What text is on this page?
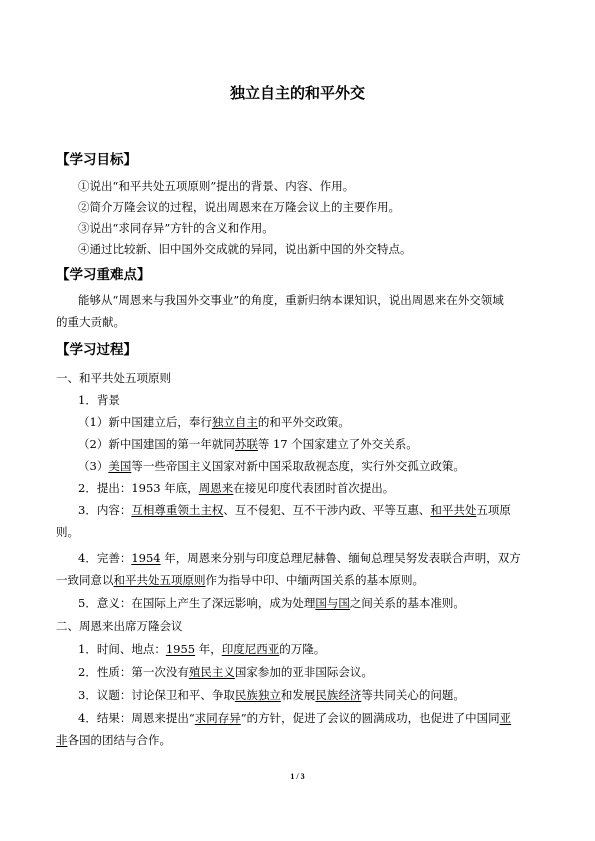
独立自主的和平外交
【学习目标】
①说出“和平共处五项原则”提出的背景、内容、作用。
②简介万隆会议的过程，说出周恩来在万隆会议上的主要作用。
③说出“求同存异”方针的含义和作用。
④通过比较新、旧中国外交成就的异同，说出新中国的外交特点。
【学习重难点】
能够从“周恩来与我国外交事业”的角度，重新归纳本课知识，说出周恩来在外交领域
的重大贡献。
【学习过程】
一、和平共处五项原则
1．背景
（1）新中国建立后，奉行独立自主的和平外交政策。
（2）新中国建国的第一年就同苏联等 17 个国家建立了外交关系。
（3）美国等一些帝国主义国家对新中国采取敌视态度，实行外交孤立政策。
2．提出：1953 年底，周恩来在接见印度代表团时首次提出。
3．内容：互相尊重领土主权、互不侵犯、互不干涉内政、平等互惠、和平共处五项原
则。
4．完善：1954 年，周恩来分别与印度总理尼赫鲁、缅甸总理吴努发表联合声明，双方
一致同意以和平共处五项原则作为指导中印、中缅两国关系的基本原则。
5．意义：在国际上产生了深远影响，成为处理国与国之间关系的基本准则。
二、周恩来出席万隆会议
1．时间、地点：1955 年，印度尼西亚的万隆。
2．性质：第一次没有殖民主义国家参加的亚非国际会议。
3．议题：讨论保卫和平、争取民族独立和发展民族经济等共同关心的问题。
4．结果：周恩来提出“求同存异”的方针，促进了会议的圆满成功，也促进了中国同亚
非各国的团结与合作。
1 / 3
